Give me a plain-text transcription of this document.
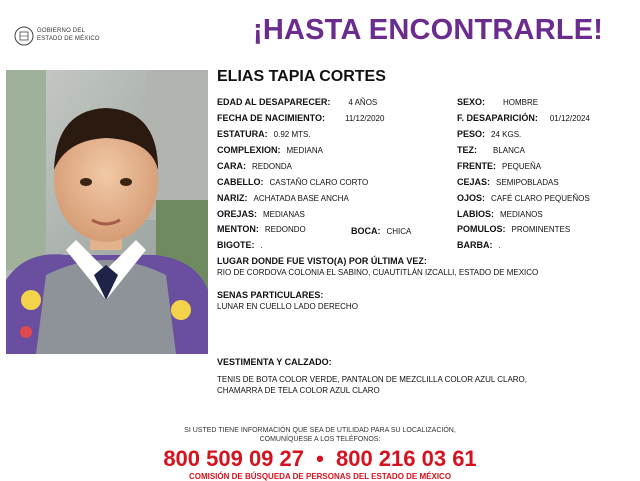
GOBIERNO DEL
ESTADO DE MÉXICO	¡HASTA ENCONTRARLE!
ELIAS TAPIA CORTES
EDAD AL DESAPARECER: 4 AÑOS	SEXO: HOMBRE
FECHA DE NACIMIENTO:	11/12/2020	F. DESAPARICIÓN: 01/12/2024
ESTATURA: 0.92 MTS.	PESO: 24 KGS.
COMPLEXION: MEDIANA	TEZ: BLANCA
CARA: REDONDA	FRENTE: PEQUEÑA
CABELLO: CASTAÑO CLARO CORTO	CEJAS: SEMIPOBLADAS
NARIZ: ACHATADA BASE ANCHA	OJOS: CAFÉ CLARO PEQUEÑOS
OREJAS: MEDIANAS	LABIOS: MEDIANOS
MENTON: REDONDO	BOCA: CHICA	POMULOS: PROMINENTES
BIGOTE: .	BARBA: .
LUGAR DONDE FUE VISTO(A) POR ÚLTIMA VEZ:
RIO DE CORDOVA COLONIA EL SABINO, CUAUTITLÁN IZCALLI, ESTADO DE MEXICO
SENAS PARTICULARES:
LUNAR EN CUELLO LADO DERECHO
VESTIMENTA Y CALZADO:
TENIS DE BOTA COLOR VERDE, PANTALON DE MEZCLILLA COLOR AZUL CLARO,
CHAMARRA DE TELA COLOR AZUL CLARO
SI USTED TIENE INFORMACIÓN QUE SEA DE UTILIDAD PARA SU LOCALIZACIÓN,
COMUNÍQUESE A LOS TELÉFONOS:
800 509 09 27 • 800 216 03 61
COMISIÓN DE BÚSQUEDA DE PERSONAS DEL ESTADO DE MÉXICO
